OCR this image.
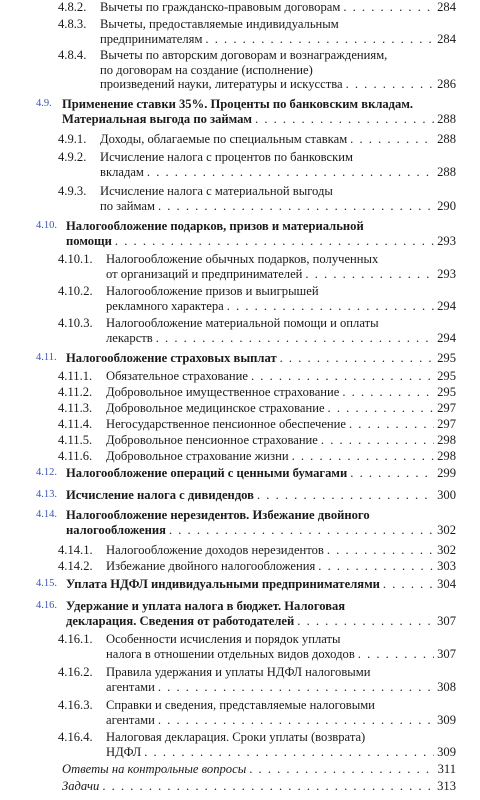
4.8.2. Вычеты по гражданско-правовым договорам . . .	284
4.8.3. Вычеты, предоставляемые индивидуальным
предпринимателям . . .	284
4.8.4. Вычеты по авторским договорам и вознаграждениям,
по договорам на создание (исполнение)
произведений науки, литературы и искусства . . .	286
4.9. Применение ставки 35%. Проценты по банковским вкладам.
Материальная выгода по займам . . .	288
4.9.1. Доходы, облагаемые по специальным ставкам . . .	288
4.9.2. Исчисление налога с процентов по банковским
вкладам . . .	288
4.9.3. Исчисление налога с материальной выгоды
по займам . . .	290
4.10. Налогообложение подарков, призов и материальной
помощи . . .	293
4.10.1. Налогообложение обычных подарков, полученных
от организаций и предпринимателей . . .	293
4.10.2. Налогообложение призов и выигрышей
рекламного характера . . .	294
4.10.3. Налогообложение материальной помощи и оплаты
лекарств . . .	294
4.11. Налогообложение страховых выплат . . .	295
4.11.1. Обязательное страхование . . .	295
4.11.2. Добровольное имущественное страхование . . .	295
4.11.3. Добровольное медицинское страхование . . .	297
4.11.4. Негосударственное пенсионное обеспечение . . .	297
4.11.5. Добровольное пенсионное страхование . . .	298
4.11.6. Добровольное страхование жизни . . .	298
4.12. Налогообложение операций с ценными бумагами . . .	299
4.13. Исчисление налога с дивидендов . . .	300
4.14. Налогообложение нерезидентов. Избежание двойного
налогообложения . . .	302
4.14.1. Налогообложение доходов нерезидентов . . .	302
4.14.2. Избежание двойного налогообложения . . .	303
4.15. Уплата НДФЛ индивидуальными предпринимателями . . .	304
4.16. Удержание и уплата налога в бюджет. Налоговая
декларация. Сведения от работодателей . . .	307
4.16.1. Особенности исчисления и порядок уплаты
налога в отношении отдельных видов доходов . . .	307
4.16.2. Правила удержания и уплаты НДФЛ налоговыми
агентами . . .	308
4.16.3. Справки и сведения, представляемые налоговыми
агентами . . .	309
4.16.4. Налоговая декларация. Сроки уплаты (возврата)
НДФЛ . . .	309
Ответы на контрольные вопросы . . .	311
Задачи . . .	313
